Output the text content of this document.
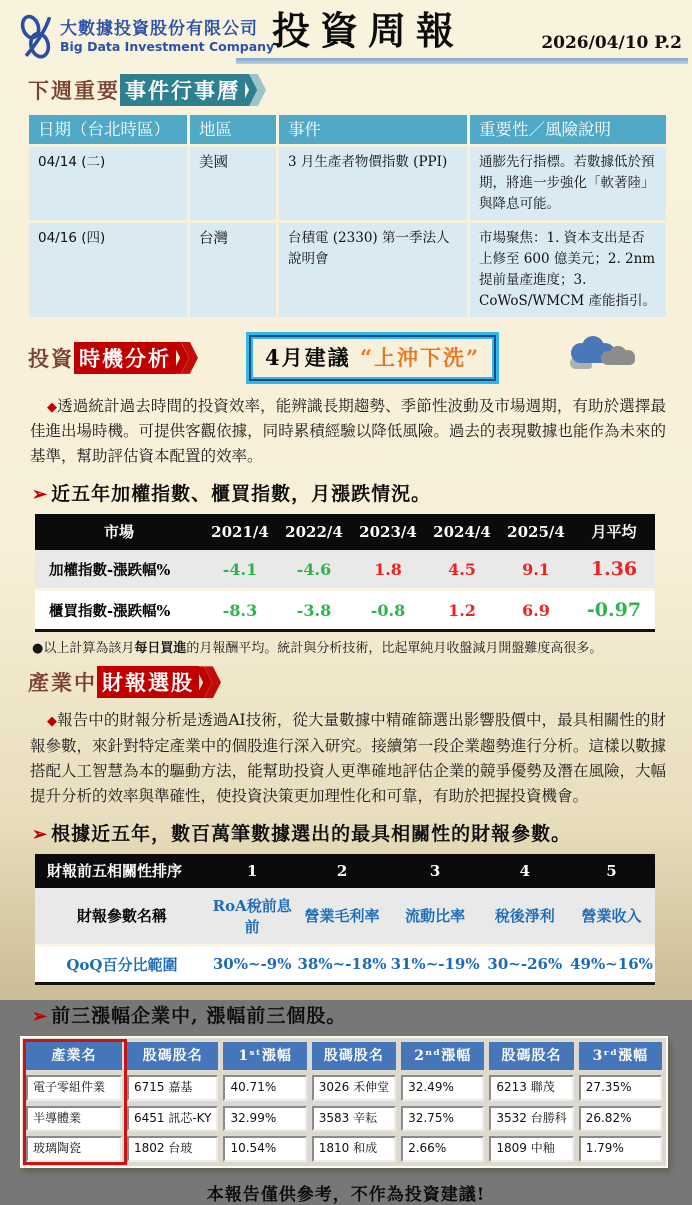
大數據投資股份有限公司
Big Data Investment Company
投資周報	2026/04/10 P.2
下週重要 事件行事曆
日期（台北時區）	地區	事件	重要性／風險說明
04/14 (二)	美國	3 月生產者物價指數 (PPI)	通膨先行指標。若數據低於預期，將進一步強化「軟著陸」與降息可能。
04/16 (四)	台灣	台積電 (2330) 第一季法人說明會	市場聚焦：1. 資本支出是否上修至 600 億美元；2. 2nm 提前量產進度；3. CoWoS/WMCM 產能指引。
投資 時機分析	4月建議 “上沖下洗”

◆透過統計過去時間的投資效率，能辨識長期趨勢、季節性波動及市場週期，有助於選擇最佳進出場時機。可提供客觀依據，同時累積經驗以降低風險。過去的表現數據也能作為未來的基準，幫助評估資本配置的效率。

➢ 近五年加權指數、櫃買指數，月漲跌情況。
市場	2021/4	2022/4	2023/4	2024/4	2025/4	月平均
加權指數-漲跌幅%	-4.1	-4.6	1.8	4.5	9.1	1.36
櫃買指數-漲跌幅%	-8.3	-3.8	-0.8	1.2	6.9	-0.97
●以上計算為該月每日買進的月報酬平均。統計與分析技術，比起單純月收盤減月開盤難度高很多。
產業中 財報選股

◆報告中的財報分析是透過AI技術，從大量數據中精確篩選出影響股價中，最具相關性的財報參數，來針對特定產業中的個股進行深入研究。接續第一段企業趨勢進行分析。這樣以數據搭配人工智慧為本的驅動方法，能幫助投資人更準確地評估企業的競爭優勢及潛在風險，大幅提升分析的效率與準確性，使投資決策更加理性化和可靠，有助於把握投資機會。

➢ 根據近五年，數百萬筆數據選出的最具相關性的財報參數。
財報前五相關性排序	1	2	3	4	5
財報參數名稱	RoA稅前息前	營業毛利率	流動比率	稅後淨利	營業收入
QoQ百分比範圍	30%~-9%	38%~-18%	31%~-19%	30~-26%	49%~16%
➢ 前三漲幅企業中, 漲幅前三個股。
產業名	股碼股名	1ˢᵗ漲幅	股碼股名	2ⁿᵈ漲幅	股碼股名	3ʳᵈ漲幅
電子零組件業	6715 嘉基	40.71%	3026 禾伸堂	32.49%	6213 聯茂	27.35%
半導體業	6451 訊芯-KY	32.99%	3583 辛耘	32.75%	3532 台勝科	26.82%
玻璃陶瓷	1802 台玻	10.54%	1810 和成	2.66%	1809 中釉	1.79%
本報告僅供參考，不作為投資建議!
